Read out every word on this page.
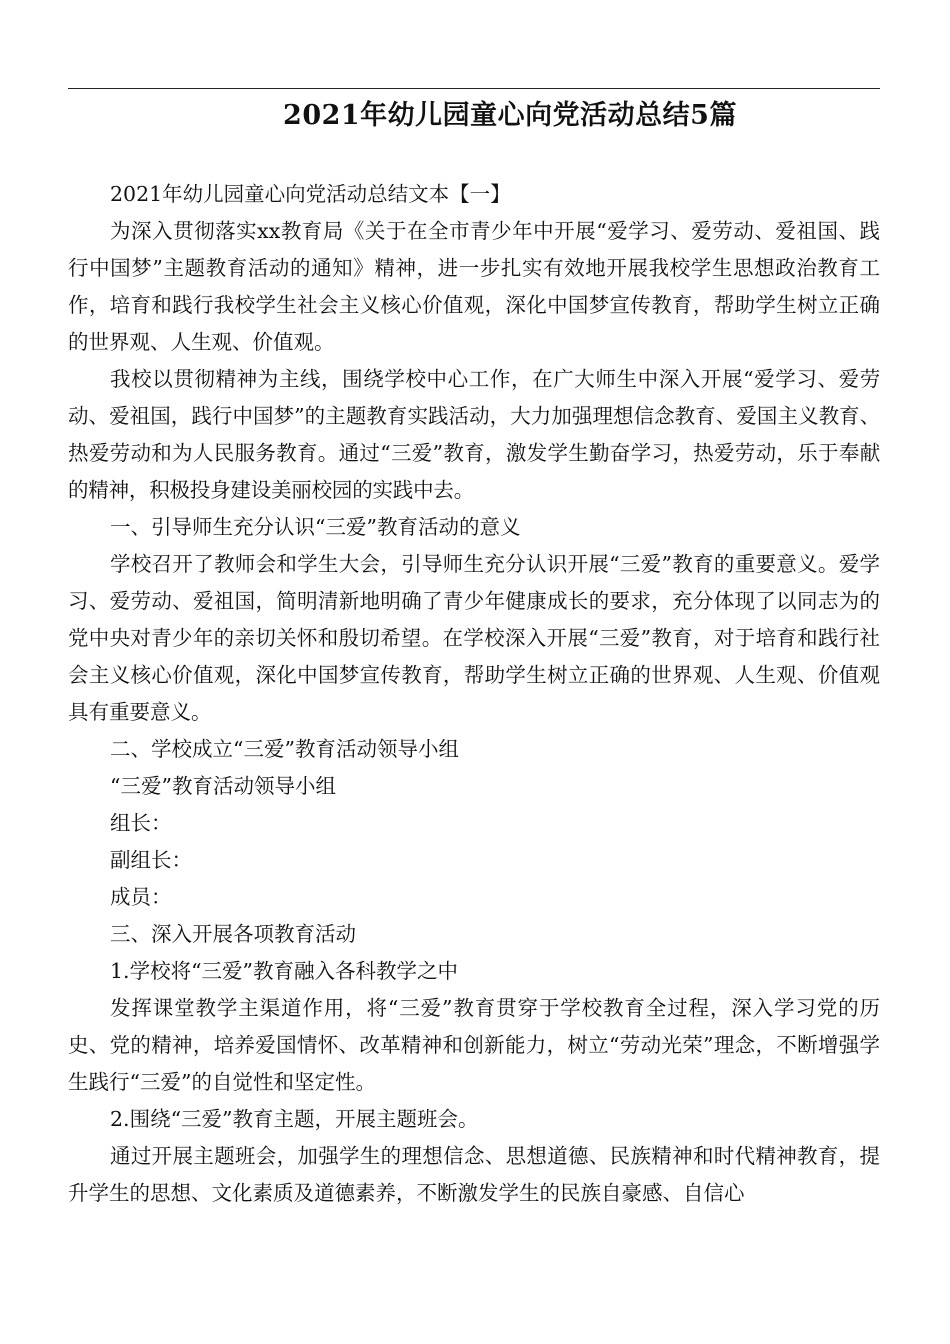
2021年幼儿园童心向党活动总结5篇

2021年幼儿园童心向党活动总结文本【一】

为深入贯彻落实xx教育局《关于在全市青少年中开展“爱学习、爱劳动、爱祖国、践行中国梦”主题教育活动的通知》精神，进一步扎实有效地开展我校学生思想政治教育工作，培育和践行我校学生社会主义核心价值观，深化中国梦宣传教育，帮助学生树立正确的世界观、人生观、价值观。

我校以贯彻精神为主线，围绕学校中心工作，在广大师生中深入开展“爱学习、爱劳动、爱祖国，践行中国梦”的主题教育实践活动，大力加强理想信念教育、爱国主义教育、热爱劳动和为人民服务教育。通过“三爱”教育，激发学生勤奋学习，热爱劳动，乐于奉献的精神，积极投身建设美丽校园的实践中去。

一、引导师生充分认识“三爱”教育活动的意义

学校召开了教师会和学生大会，引导师生充分认识开展“三爱”教育的重要意义。爱学习、爱劳动、爱祖国，简明清新地明确了青少年健康成长的要求，充分体现了以同志为的党中央对青少年的亲切关怀和殷切希望。在学校深入开展“三爱”教育，对于培育和践行社会主义核心价值观，深化中国梦宣传教育，帮助学生树立正确的世界观、人生观、价值观具有重要意义。

二、学校成立“三爱”教育活动领导小组

“三爱”教育活动领导小组

组长：

副组长：

成员：

三、深入开展各项教育活动

1.学校将“三爱”教育融入各科教学之中

发挥课堂教学主渠道作用，将“三爱”教育贯穿于学校教育全过程，深入学习党的历史、党的精神，培养爱国情怀、改革精神和创新能力，树立“劳动光荣”理念，不断增强学生践行“三爱”的自觉性和坚定性。

2.围绕“三爱”教育主题，开展主题班会。

通过开展主题班会，加强学生的理想信念、思想道德、民族精神和时代精神教育，提升学生的思想、文化素质及道德素养，不断激发学生的民族自豪感、自信心
